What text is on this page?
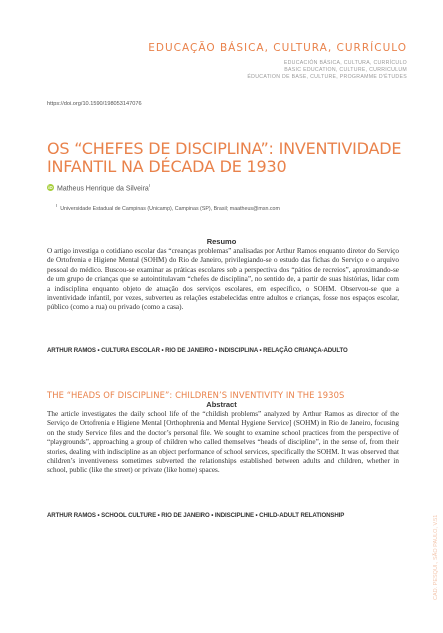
EDUCAÇÃO BÁSICA, CULTURA, CURRÍCULO
EDUCACIÓN BÁSICA, CULTURA, CURRÍCULO
BASIC EDUCATION, CULTURE, CURRICULUM
ÉDUCATION DE BASE, CULTURE, PROGRAMME D'ÉTUDES
https://doi.org/10.1590/198053147076
OS “CHEFES DE DISCIPLINA”: INVENTIVIDADE INFANTIL NA DÉCADA DE 1930
iD Matheus Henrique da Silveira$^I$
$^I$  Universidade Estadual de Campinas (Unicamp), Campinas (SP), Brasil; maatheus@msn.com
Resumo

O artigo investiga o cotidiano escolar das “creanças problemas” analisadas por Arthur Ramos enquanto diretor do Serviço de Ortofrenia e Higiene Mental (SOHM) do Rio de Janeiro, privilegiando-se o estudo das fichas do Serviço e o arquivo pessoal do médico. Buscou-se examinar as práticas escolares sob a perspectiva dos “pátios de recreios”, aproximando-se de um grupo de crianças que se autointitulavam “chefes de disciplina”, no sentido de, a partir de suas histórias, lidar com a indisciplina enquanto objeto de atuação dos serviços escolares, em específico, o SOHM. Observou-se que a inventividade infantil, por vezes, subverteu as relações estabelecidas entre adultos e crianças, fosse nos espaços escolar, público (como a rua) ou privado (como a casa).

ARTHUR RAMOS • CULTURA ESCOLAR • RIO DE JANEIRO • INDISCIPLINA • RELAÇÃO CRIANÇA-ADULTO
THE “HEADS OF DISCIPLINE”: CHILDREN’S INVENTIVITY IN THE 1930S
Abstract

The article investigates the daily school life of the “childish problems” analyzed by Arthur Ramos as director of the Serviço de Ortofrenia e Higiene Mental [Orthophrenia and Mental Hygiene Service] (SOHM) in Rio de Janeiro, focusing on the study Service files and the doctor’s personal file. We sought to examine school practices from the perspective of “playgrounds”, approaching a group of children who called themselves “heads of discipline”, in the sense of, from their stories, dealing with indiscipline as an object performance of school services, specifically the SOHM. It was observed that children’s inventiveness sometimes subverted the relationships established between adults and children, whether in school, public (like the street) or private (like home) spaces.

ARTHUR RAMOS • SCHOOL CULTURE • RIO DE JANEIRO • INDISCIPLINE • CHILD-ADULT RELATIONSHIP	CAD. PESQUI., SÃO PAULO, V.51
